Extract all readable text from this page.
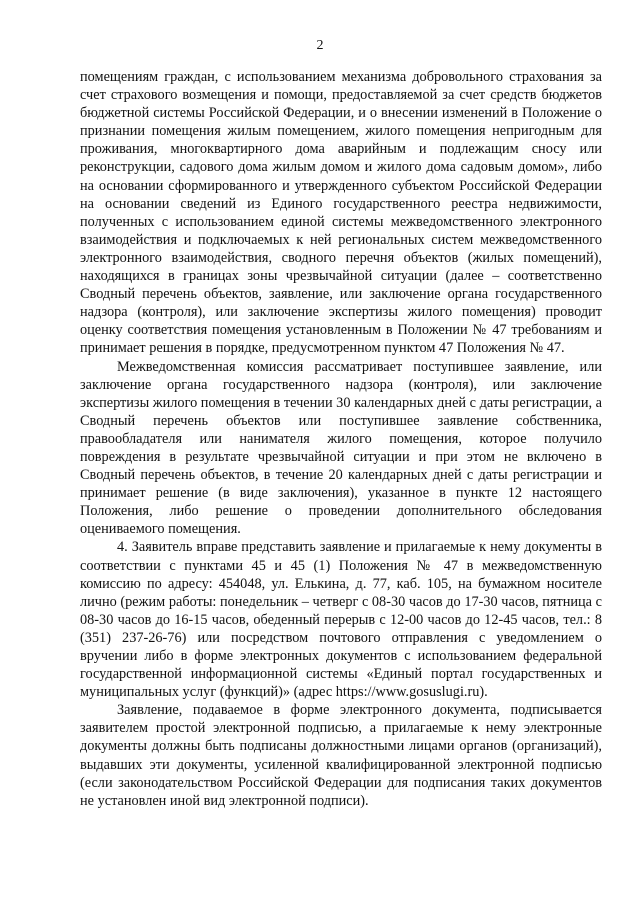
2

помещениям граждан, с использованием механизма добровольного страхования за счет страхового возмещения и помощи, предоставляемой за счет средств бюджетов бюджетной системы Российской Федерации, и о внесении изменений в Положение о признании помещения жилым помещением, жилого помещения непригодным для проживания, многоквартирного дома аварийным и подлежащим сносу или реконструкции, садового дома жилым домом и жилого дома садовым домом», либо на основании сформированного и утвержденного субъектом Российской Федерации на основании сведений из Единого государственного реестра недвижимости, полученных с использованием единой системы межведомственного электронного взаимодействия и подключаемых к ней региональных систем межведомственного электронного взаимодействия, сводного перечня объектов (жилых помещений), находящихся в границах зоны чрезвычайной ситуации (далее – соответственно Сводный перечень объектов, заявление, или заключение органа государственного надзора (контроля), или заключение экспертизы жилого помещения) проводит оценку соответствия помещения установленным в Положении № 47 требованиям и принимает решения в порядке, предусмотренном пунктом 47 Положения № 47.

Межведомственная комиссия рассматривает поступившее заявление, или заключение органа государственного надзора (контроля), или заключение экспертизы жилого помещения в течении 30 календарных дней с даты регистрации, а Сводный перечень объектов или поступившее заявление собственника, правообладателя или нанимателя жилого помещения, которое получило повреждения в результате чрезвычайной ситуации и при этом не включено в Сводный перечень объектов, в течение 20 календарных дней с даты регистрации и принимает решение (в виде заключения), указанное в пункте 12 настоящего Положения, либо решение о проведении дополнительного обследования оцениваемого помещения.

4. Заявитель вправе представить заявление и прилагаемые к нему документы в соответствии с пунктами 45 и 45 (1) Положения № 47 в межведомственную комиссию по адресу: 454048, ул. Елькина, д. 77, каб. 105, на бумажном носителе лично (режим работы: понедельник – четверг с 08-30 часов до 17-30 часов, пятница с 08-30 часов до 16-15 часов, обеденный перерыв с 12-00 часов до 12-45 часов, тел.: 8 (351) 237-26-76) или посредством почтового отправления с уведомлением о вручении либо в форме электронных документов с использованием федеральной государственной информационной системы «Единый портал государственных и муниципальных услуг (функций)» (адрес https://www.gosuslugi.ru).

Заявление, подаваемое в форме электронного документа, подписывается заявителем простой электронной подписью, а прилагаемые к нему электронные документы должны быть подписаны должностными лицами органов (организаций), выдавших эти документы, усиленной квалифицированной электронной подписью (если законодательством Российской Федерации для подписания таких документов не установлен иной вид электронной подписи).
